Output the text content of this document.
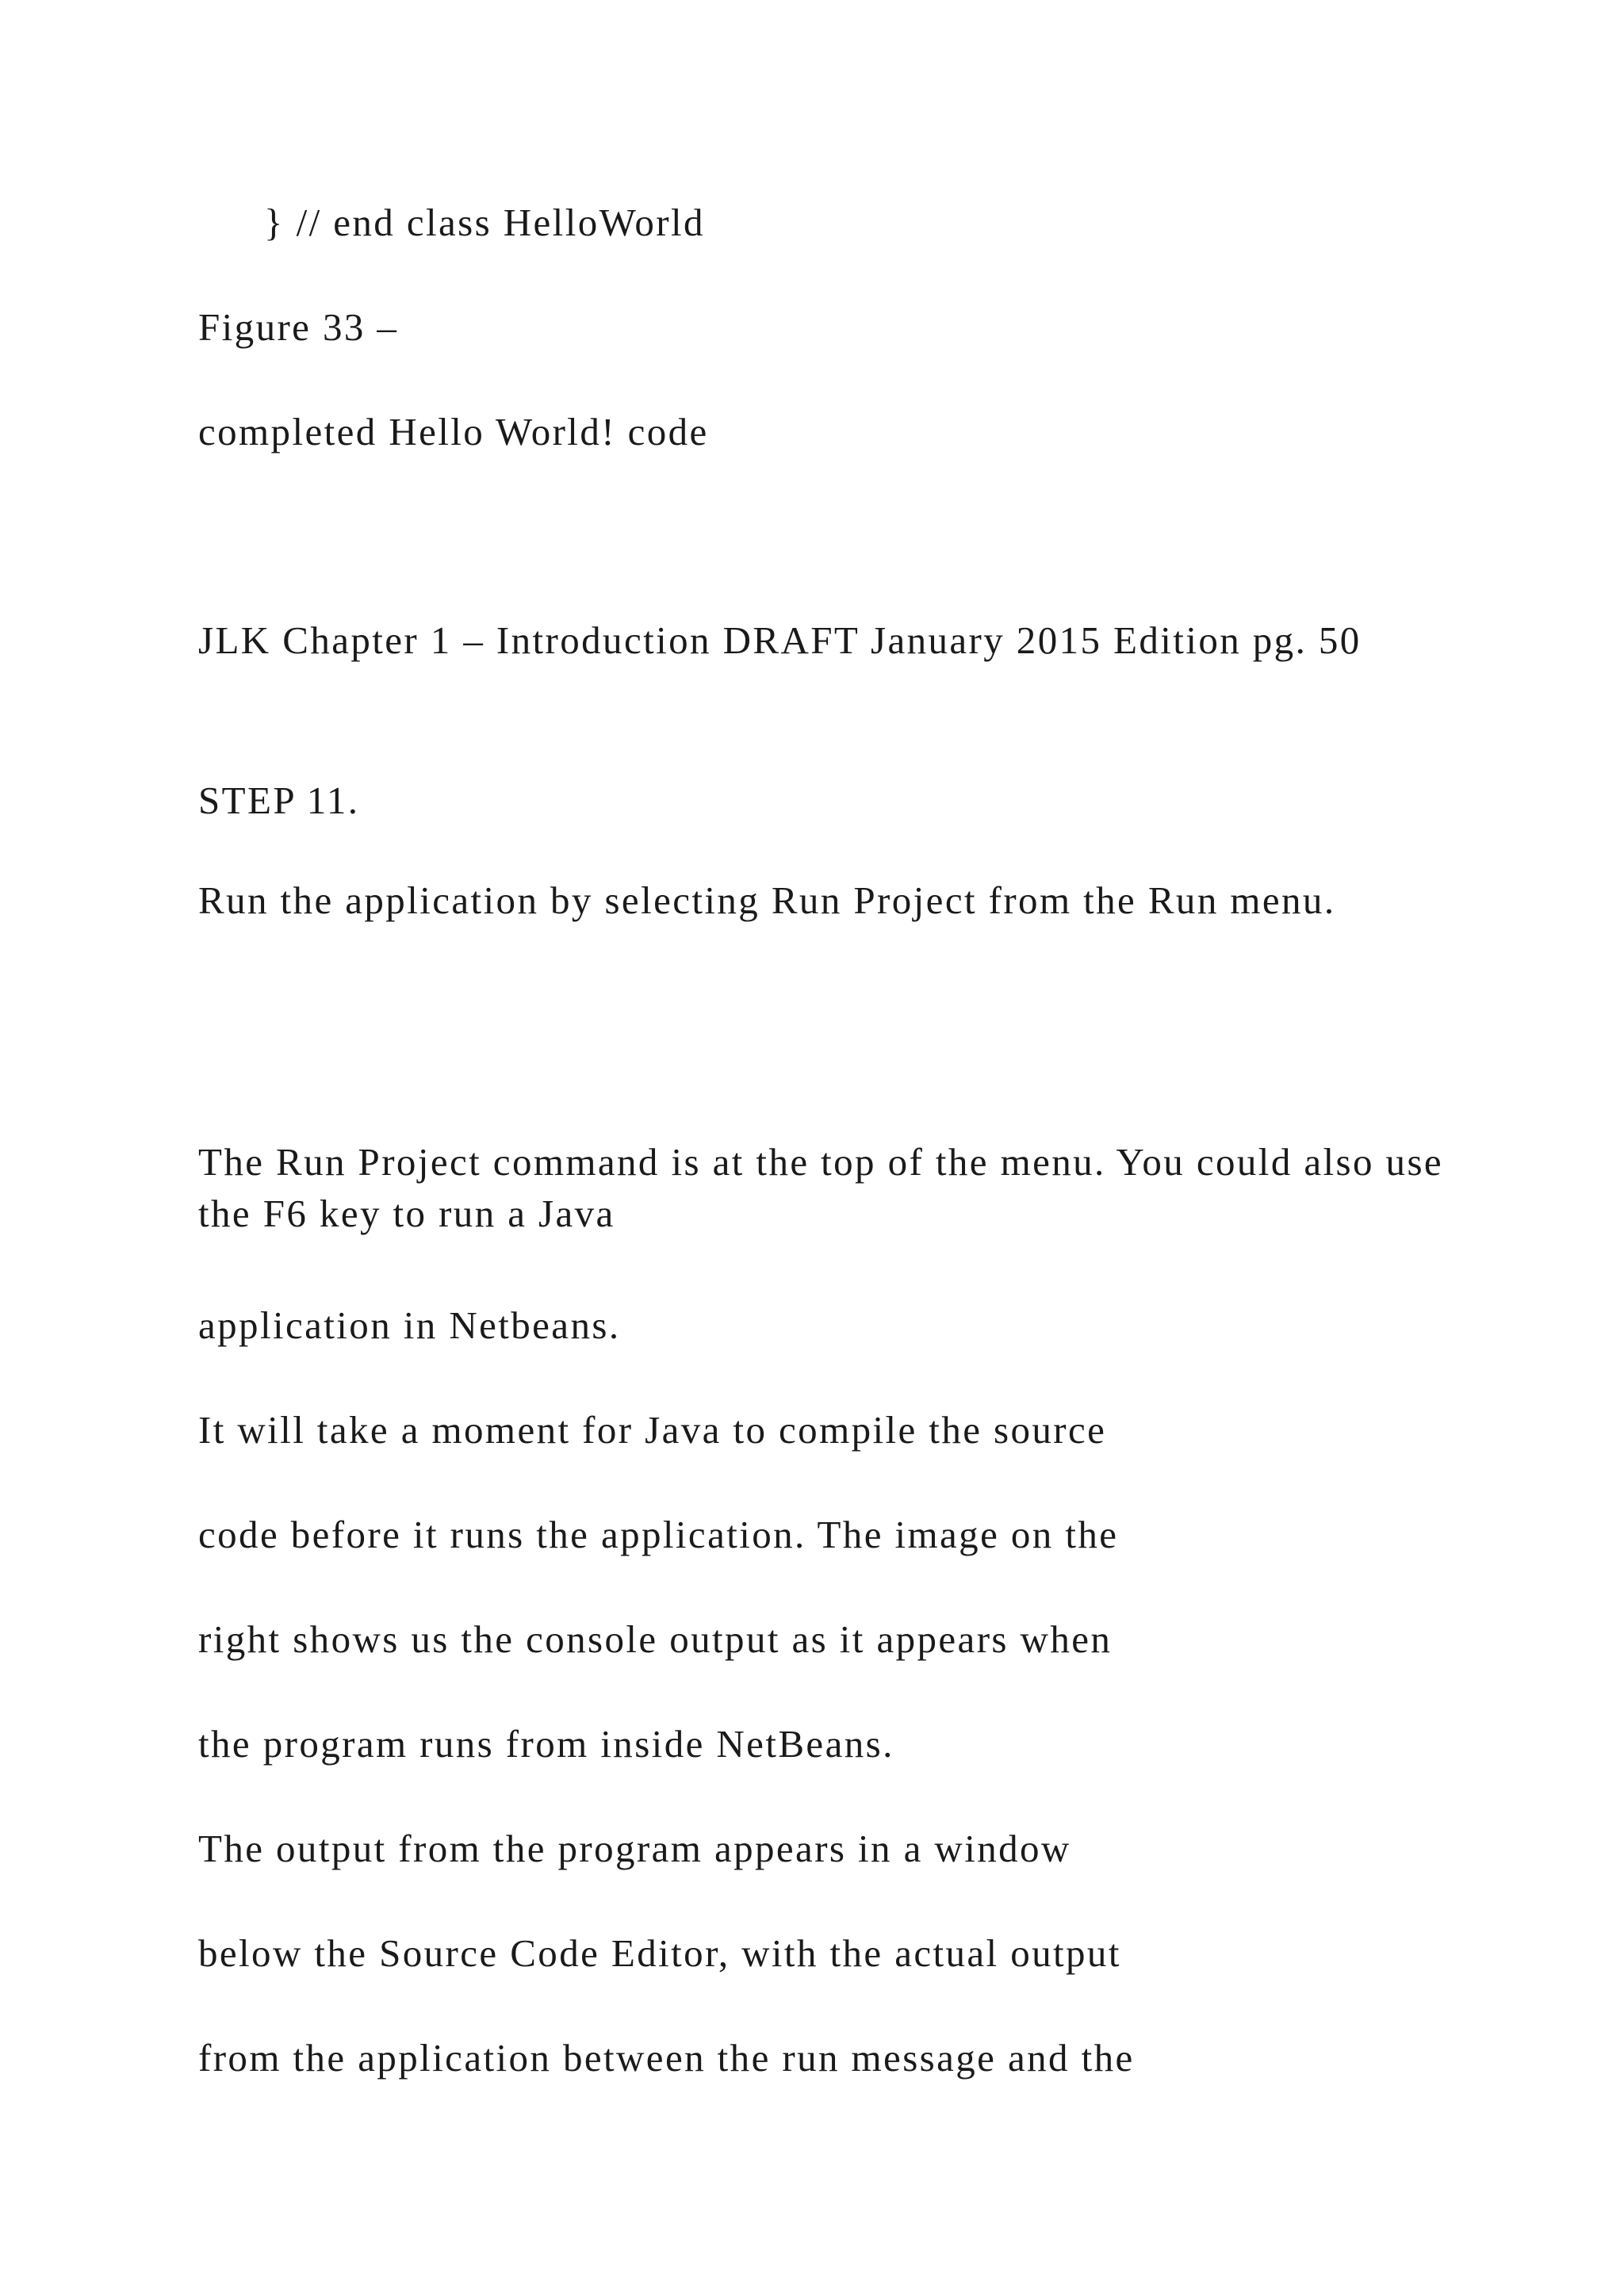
} // end class HelloWorld
Figure 33 –
completed Hello World! code
JLK Chapter 1 – Introduction DRAFT January 2015 Edition pg. 50
STEP 11.
Run the application by selecting Run Project from the Run menu.
The Run Project command is at the top of the menu. You could also use the F6 key to run a Java
application in Netbeans.
It will take a moment for Java to compile the source
code before it runs the application. The image on the
right shows us the console output as it appears when
the program runs from inside NetBeans.
The output from the program appears in a window
below the Source Code Editor, with the actual output
from the application between the run message and the
